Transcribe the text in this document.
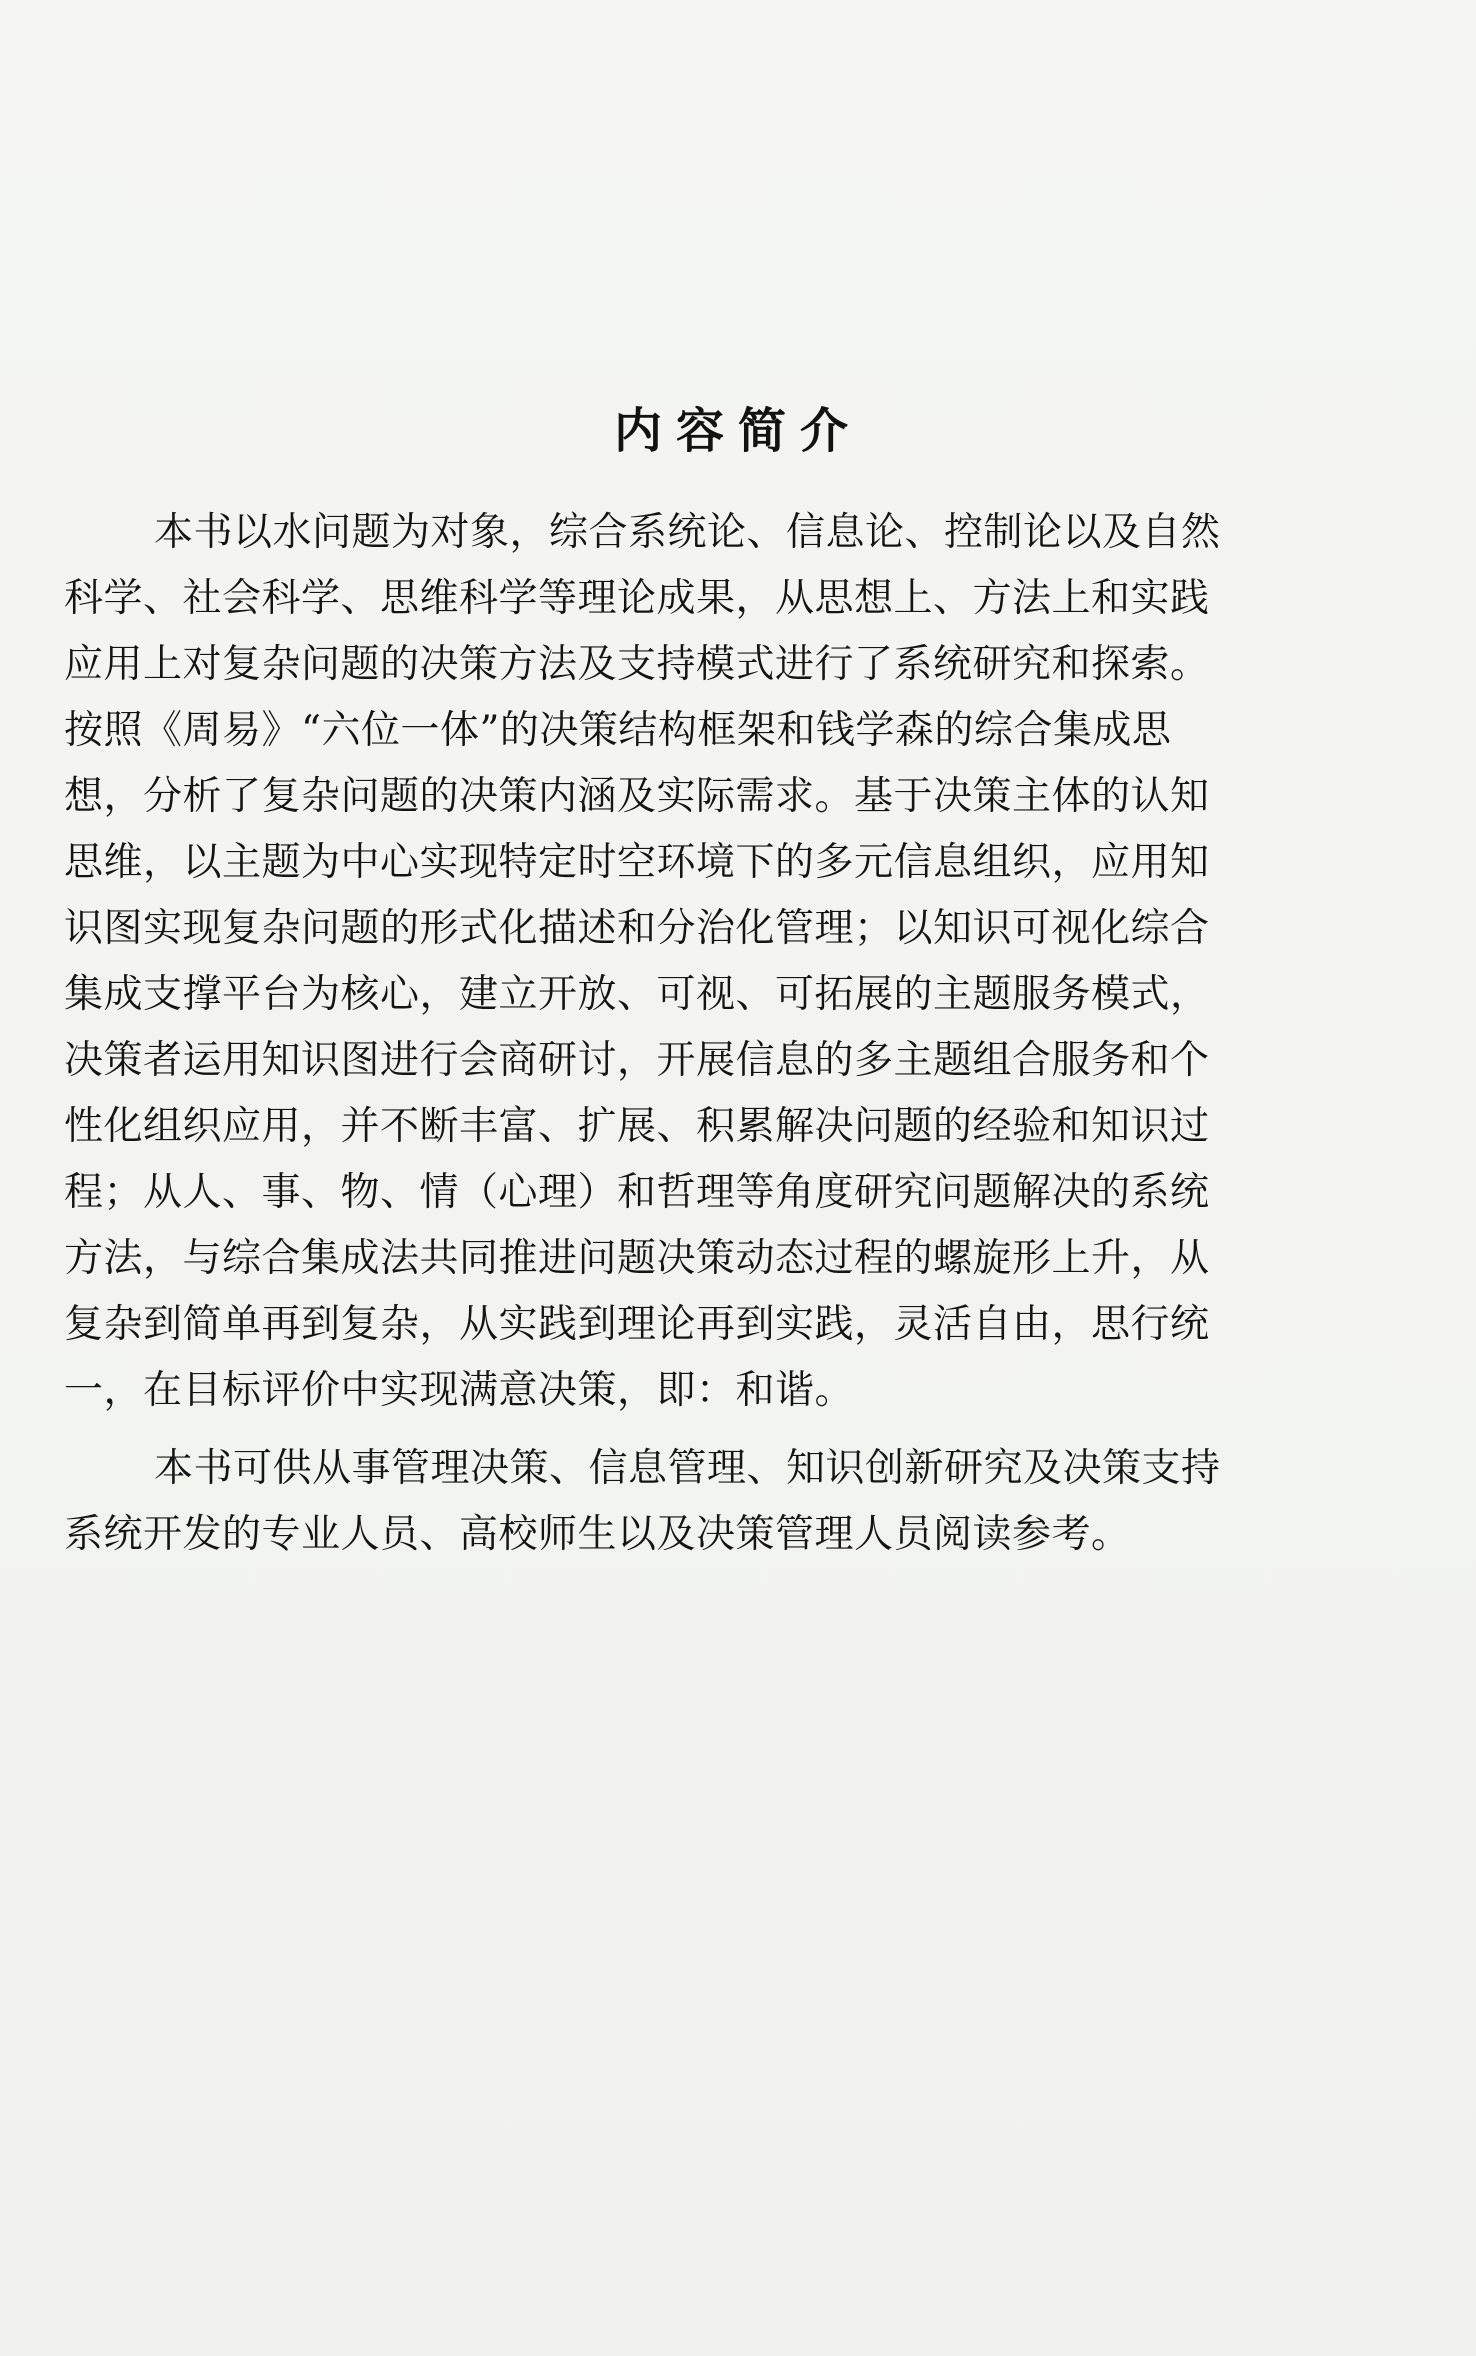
内容简介
本书以水问题为对象，综合系统论、信息论、控制论以及自然
科学、社会科学、思维科学等理论成果，从思想上、方法上和实践
应用上对复杂问题的决策方法及支持模式进行了系统研究和探索。
按照《周易》“六位一体”的决策结构框架和钱学森的综合集成思
想，分析了复杂问题的决策内涵及实际需求。基于决策主体的认知
思维，以主题为中心实现特定时空环境下的多元信息组织，应用知
识图实现复杂问题的形式化描述和分治化管理；以知识可视化综合
集成支撑平台为核心，建立开放、可视、可拓展的主题服务模式，
决策者运用知识图进行会商研讨，开展信息的多主题组合服务和个
性化组织应用，并不断丰富、扩展、积累解决问题的经验和知识过
程；从人、事、物、情（心理）和哲理等角度研究问题解决的系统
方法，与综合集成法共同推进问题决策动态过程的螺旋形上升，从
复杂到简单再到复杂，从实践到理论再到实践，灵活自由，思行统
一，在目标评价中实现满意决策，即：和谐。
本书可供从事管理决策、信息管理、知识创新研究及决策支持
系统开发的专业人员、高校师生以及决策管理人员阅读参考。
